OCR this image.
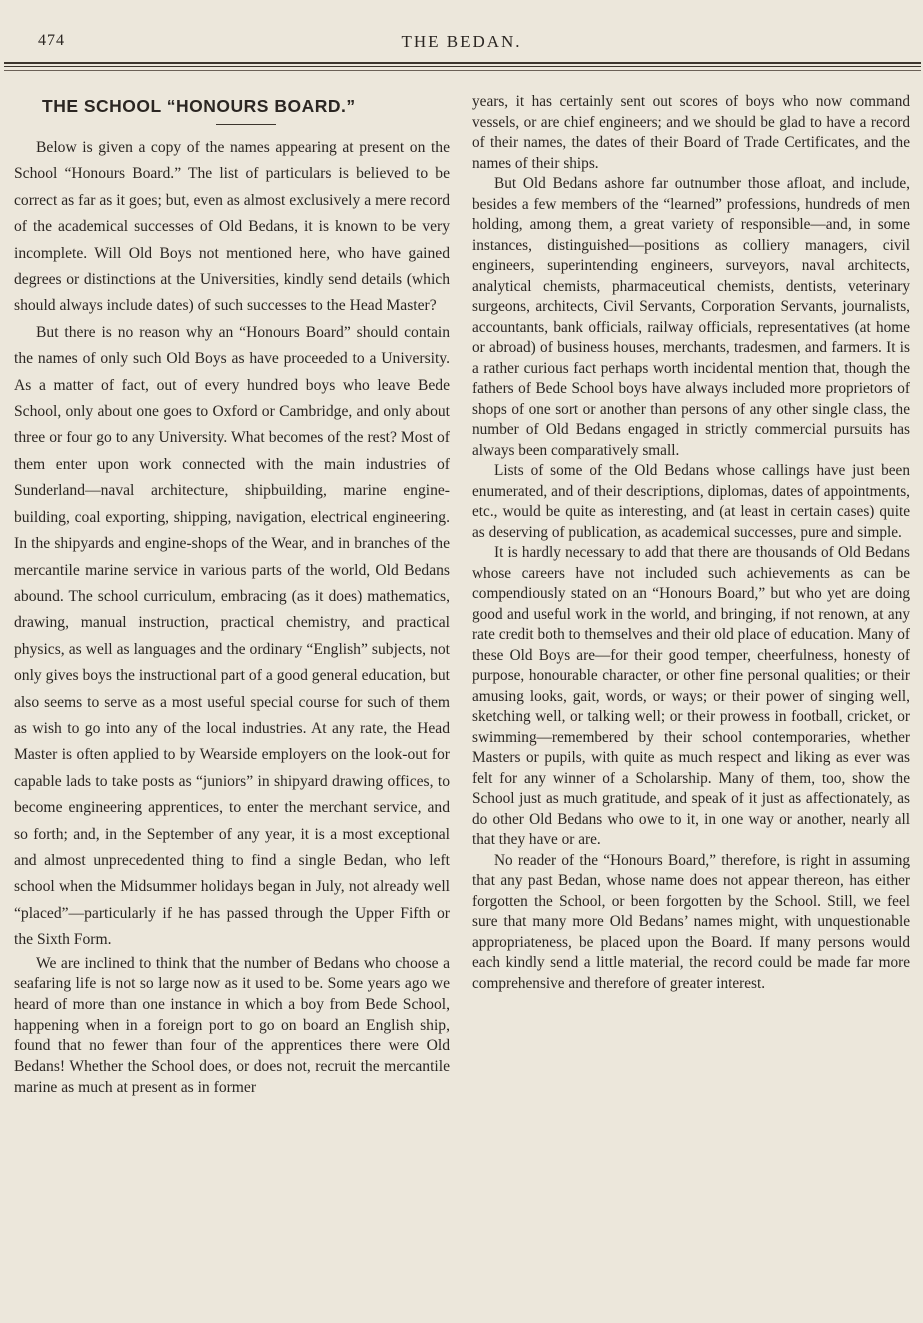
474	THE BEDAN.
THE SCHOOL “HONOURS BOARD.”

Below is given a copy of the names appearing at present on the School “Honours Board.” The list of particulars is believed to be correct as far as it goes; but, even as almost exclusively a mere record of the academical successes of Old Bedans, it is known to be very incomplete. Will Old Boys not mentioned here, who have gained degrees or distinctions at the Universities, kindly send details (which should always include dates) of such successes to the Head Master?

But there is no reason why an “Honours Board” should contain the names of only such Old Boys as have proceeded to a University. As a matter of fact, out of every hundred boys who leave Bede School, only about one goes to Oxford or Cambridge, and only about three or four go to any University. What becomes of the rest? Most of them enter upon work connected with the main industries of Sunderland—naval architecture, shipbuilding, marine engine-building, coal exporting, shipping, navigation, electrical engineering. In the shipyards and engine-shops of the Wear, and in branches of the mercantile marine service in various parts of the world, Old Bedans abound. The school curriculum, embracing (as it does) mathematics, drawing, manual instruction, practical chemistry, and practical physics, as well as languages and the ordinary “English” subjects, not only gives boys the instructional part of a good general education, but also seems to serve as a most useful special course for such of them as wish to go into any of the local industries. At any rate, the Head Master is often applied to by Wearside employers on the look-out for capable lads to take posts as “juniors” in shipyard drawing offices, to become engineering apprentices, to enter the merchant service, and so forth; and, in the September of any year, it is a most exceptional and almost unprecedented thing to find a single Bedan, who left school when the Midsummer holidays began in July, not already well “placed”—particularly if he has passed through the Upper Fifth or the Sixth Form.

We are inclined to think that the number of Bedans who choose a seafaring life is not so large now as it used to be. Some years ago we heard of more than one instance in which a boy from Bede School, happening when in a foreign port to go on board an English ship, found that no fewer than four of the apprentices there were Old Bedans! Whether the School does, or does not, recruit the mercantile marine as much at present as in former

years, it has certainly sent out scores of boys who now command vessels, or are chief engineers; and we should be glad to have a record of their names, the dates of their Board of Trade Certificates, and the names of their ships.

But Old Bedans ashore far outnumber those afloat, and include, besides a few members of the “learned” professions, hundreds of men holding, among them, a great variety of responsible—and, in some instances, distinguished—positions as colliery managers, civil engineers, superintending engineers, surveyors, naval architects, analytical chemists, pharmaceutical chemists, dentists, veterinary surgeons, architects, Civil Servants, Corporation Servants, journalists, accountants, bank officials, railway officials, representatives (at home or abroad) of business houses, merchants, tradesmen, and farmers. It is a rather curious fact perhaps worth incidental mention that, though the fathers of Bede School boys have always included more proprietors of shops of one sort or another than persons of any other single class, the number of Old Bedans engaged in strictly commercial pursuits has always been comparatively small.

Lists of some of the Old Bedans whose callings have just been enumerated, and of their descriptions, diplomas, dates of appointments, etc., would be quite as interesting, and (at least in certain cases) quite as deserving of publication, as academical successes, pure and simple.

It is hardly necessary to add that there are thousands of Old Bedans whose careers have not included such achievements as can be compendiously stated on an “Honours Board,” but who yet are doing good and useful work in the world, and bringing, if not renown, at any rate credit both to themselves and their old place of education. Many of these Old Boys are—for their good temper, cheerfulness, honesty of purpose, honourable character, or other fine personal qualities; or their amusing looks, gait, words, or ways; or their power of singing well, sketching well, or talking well; or their prowess in football, cricket, or swimming—remembered by their school contemporaries, whether Masters or pupils, with quite as much respect and liking as ever was felt for any winner of a Scholarship. Many of them, too, show the School just as much gratitude, and speak of it just as affectionately, as do other Old Bedans who owe to it, in one way or another, nearly all that they have or are.

No reader of the “Honours Board,” therefore, is right in assuming that any past Bedan, whose name does not appear thereon, has either forgotten the School, or been forgotten by the School. Still, we feel sure that many more Old Bedans’ names might, with unquestionable appropriateness, be placed upon the Board. If many persons would each kindly send a little material, the record could be made far more comprehensive and therefore of greater interest.
